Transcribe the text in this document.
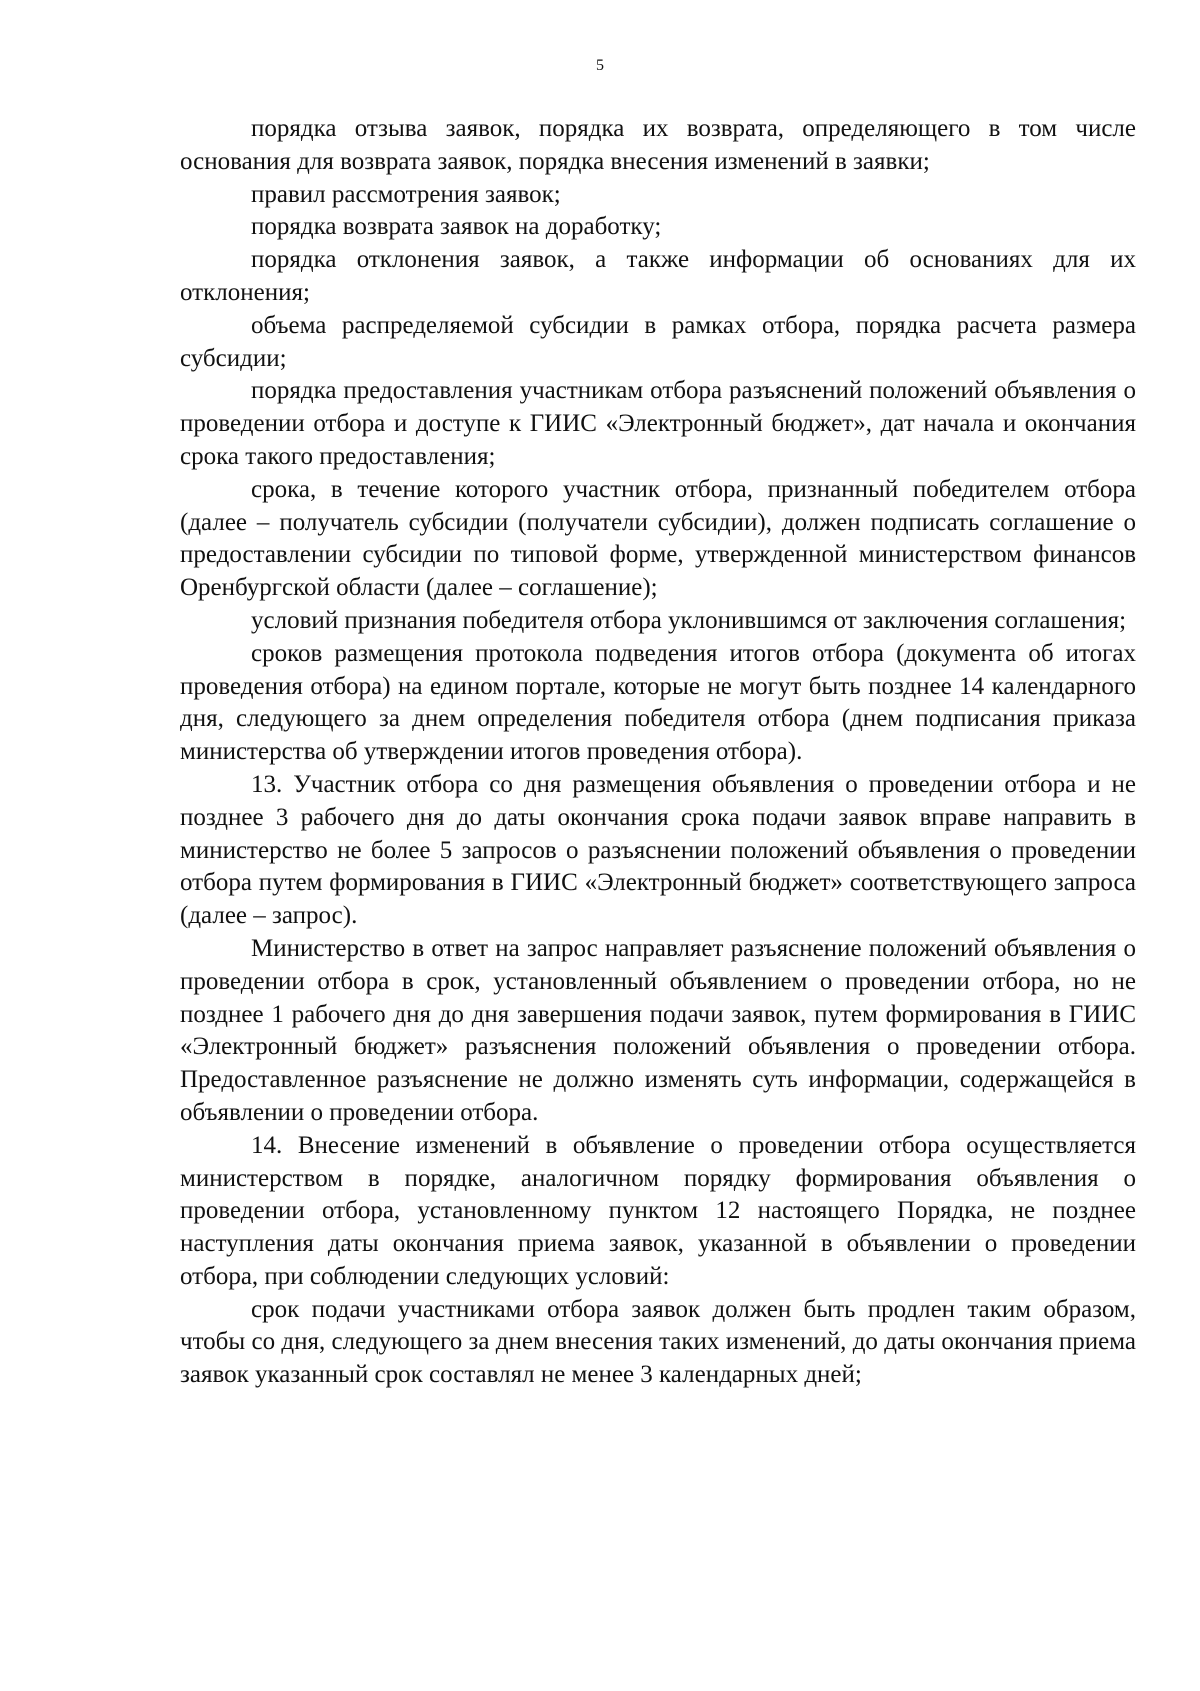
5

порядка отзыва заявок, порядка их возврата, определяющего в том числе основания для возврата заявок, порядка внесения изменений в заявки;

правил рассмотрения заявок;

порядка возврата заявок на доработку;

порядка отклонения заявок, а также информации об основаниях для их отклонения;

объема распределяемой субсидии в рамках отбора, порядка расчета размера субсидии;

порядка предоставления участникам отбора разъяснений положений объявления о проведении отбора и доступе к ГИИС «Электронный бюджет», дат начала и окончания срока такого предоставления;

срока, в течение которого участник отбора, признанный победителем отбора (далее – получатель субсидии (получатели субсидии), должен подписать соглашение о предоставлении субсидии по типовой форме, утвержденной министерством финансов Оренбургской области (далее – соглашение);

условий признания победителя отбора уклонившимся от заключения соглашения;

сроков размещения протокола подведения итогов отбора (документа об итогах проведения отбора) на едином портале, которые не могут быть позднее 14 календарного дня, следующего за днем определения победителя отбора (днем подписания приказа министерства об утверждении итогов проведения отбора).

13. Участник отбора со дня размещения объявления о проведении отбора и не позднее 3 рабочего дня до даты окончания срока подачи заявок вправе направить в министерство не более 5 запросов о разъяснении положений объявления о проведении отбора путем формирования в ГИИС «Электронный бюджет» соответствующего запроса (далее – запрос).

Министерство в ответ на запрос направляет разъяснение положений объявления о проведении отбора в срок, установленный объявлением о проведении отбора, но не позднее 1 рабочего дня до дня завершения подачи заявок, путем формирования в ГИИС «Электронный бюджет» разъяснения положений объявления о проведении отбора. Предоставленное разъяснение не должно изменять суть информации, содержащейся в объявлении о проведении отбора.

14. Внесение изменений в объявление о проведении отбора осуществляется министерством в порядке, аналогичном порядку формирования объявления о проведении отбора, установленному пунктом 12 настоящего Порядка, не позднее наступления даты окончания приема заявок, указанной в объявлении о проведении отбора, при соблюдении следующих условий:

срок подачи участниками отбора заявок должен быть продлен таким образом, чтобы со дня, следующего за днем внесения таких изменений, до даты окончания приема заявок указанный срок составлял не менее 3 календарных дней;
